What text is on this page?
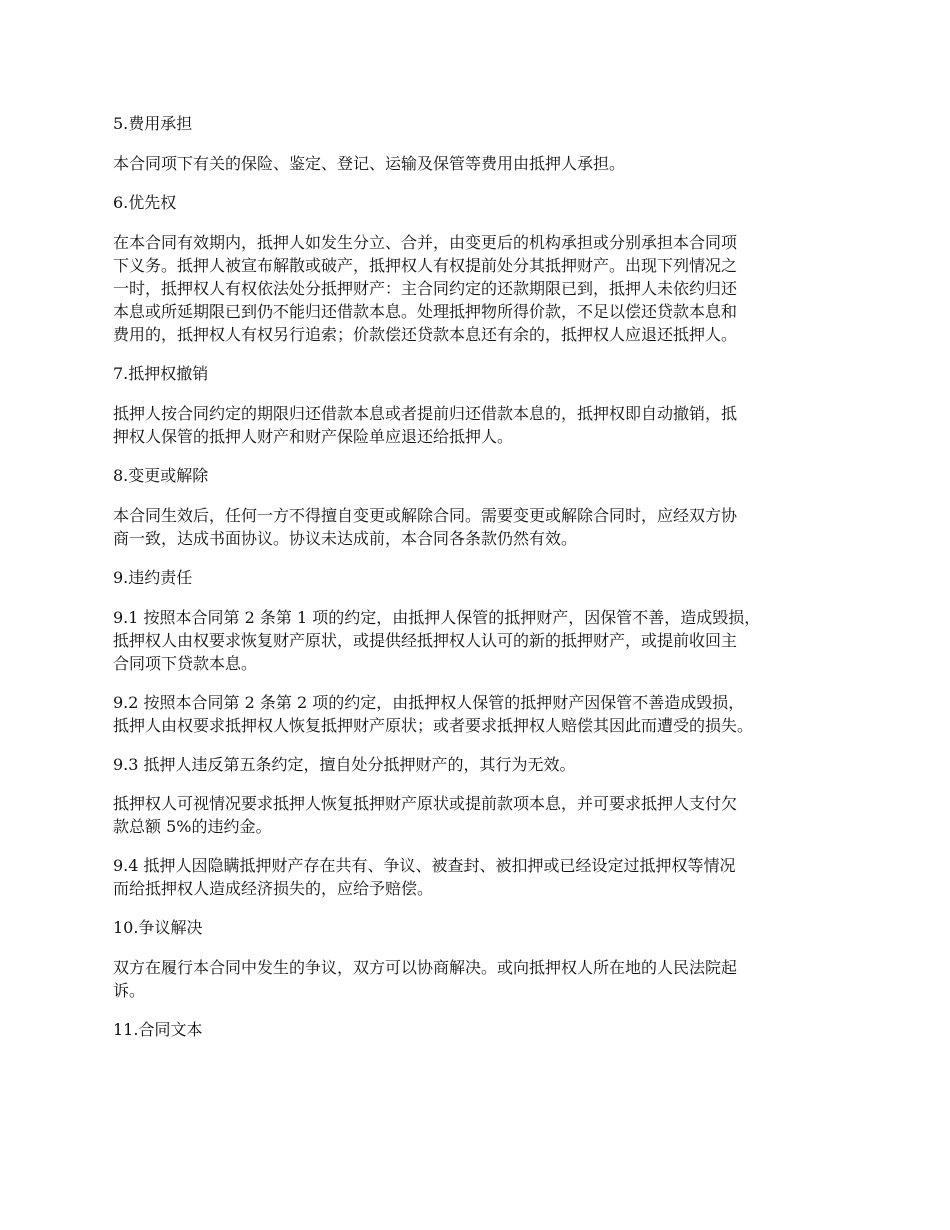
5.费用承担
本合同项下有关的保险、鉴定、登记、运输及保管等费用由抵押人承担。
6.优先权
在本合同有效期内，抵押人如发生分立、合并，由变更后的机构承担或分别承担本合同项
下义务。抵押人被宣布解散或破产，抵押权人有权提前处分其抵押财产。出现下列情况之
一时，抵押权人有权依法处分抵押财产：主合同约定的还款期限已到，抵押人未依约归还
本息或所延期限已到仍不能归还借款本息。处理抵押物所得价款，不足以偿还贷款本息和
费用的，抵押权人有权另行追索；价款偿还贷款本息还有余的，抵押权人应退还抵押人。
7.抵押权撤销
抵押人按合同约定的期限归还借款本息或者提前归还借款本息的，抵押权即自动撤销，抵
押权人保管的抵押人财产和财产保险单应退还给抵押人。
8.变更或解除
本合同生效后，任何一方不得擅自变更或解除合同。需要变更或解除合同时，应经双方协
商一致，达成书面协议。协议未达成前，本合同各条款仍然有效。
9.违约责任
9.1 按照本合同第 2 条第 1 项的约定，由抵押人保管的抵押财产，因保管不善，造成毁损，
抵押权人由权要求恢复财产原状，或提供经抵押权人认可的新的抵押财产，或提前收回主
合同项下贷款本息。
9.2 按照本合同第 2 条第 2 项的约定，由抵押权人保管的抵押财产因保管不善造成毁损，
抵押人由权要求抵押权人恢复抵押财产原状；或者要求抵押权人赔偿其因此而遭受的损失。
9.3 抵押人违反第五条约定，擅自处分抵押财产的，其行为无效。
抵押权人可视情况要求抵押人恢复抵押财产原状或提前款项本息，并可要求抵押人支付欠
款总额 5%的违约金。
9.4 抵押人因隐瞒抵押财产存在共有、争议、被查封、被扣押或已经设定过抵押权等情况
而给抵押权人造成经济损失的，应给予赔偿。
10.争议解决
双方在履行本合同中发生的争议，双方可以协商解决。或向抵押权人所在地的人民法院起
诉。
11.合同文本
